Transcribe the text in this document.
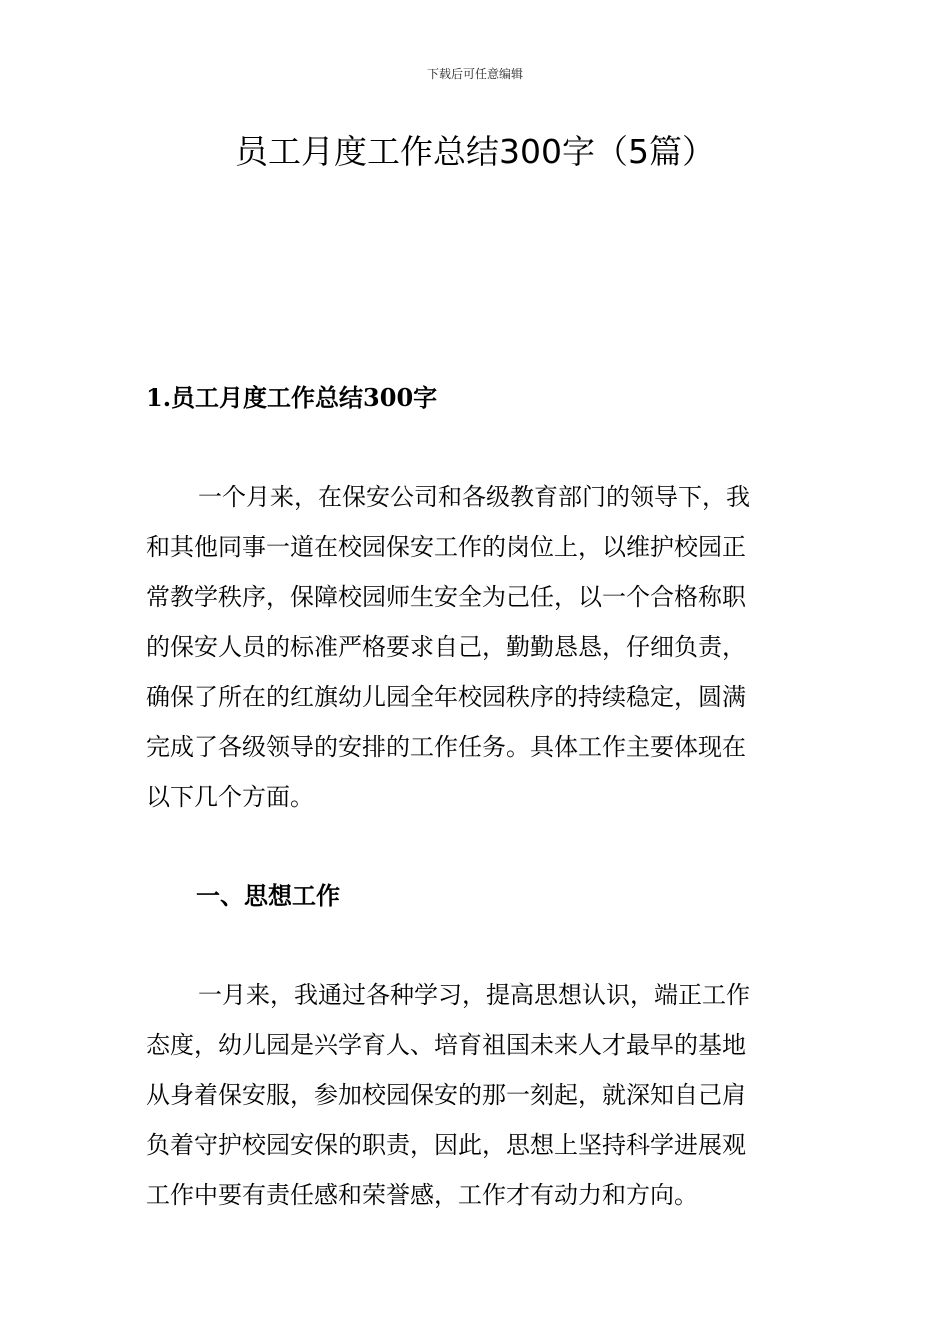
下载后可任意编辑
员工月度工作总结300字（5篇）
1.员工月度工作总结300字
一个月来，在保安公司和各级教育部门的领导下，我
和其他同事一道在校园保安工作的岗位上，以维护校园正
常教学秩序，保障校园师生安全为己任，以一个合格称职
的保安人员的标准严格要求自己，勤勤恳恳，仔细负责，
确保了所在的红旗幼儿园全年校园秩序的持续稳定，圆满
完成了各级领导的安排的工作任务。具体工作主要体现在
以下几个方面。
一、思想工作
一月来，我通过各种学习，提高思想认识，端正工作
态度，幼儿园是兴学育人、培育祖国未来人才最早的基地
从身着保安服，参加校园保安的那一刻起，就深知自己肩
负着守护校园安保的职责，因此，思想上坚持科学进展观
工作中要有责任感和荣誉感，工作才有动力和方向。
